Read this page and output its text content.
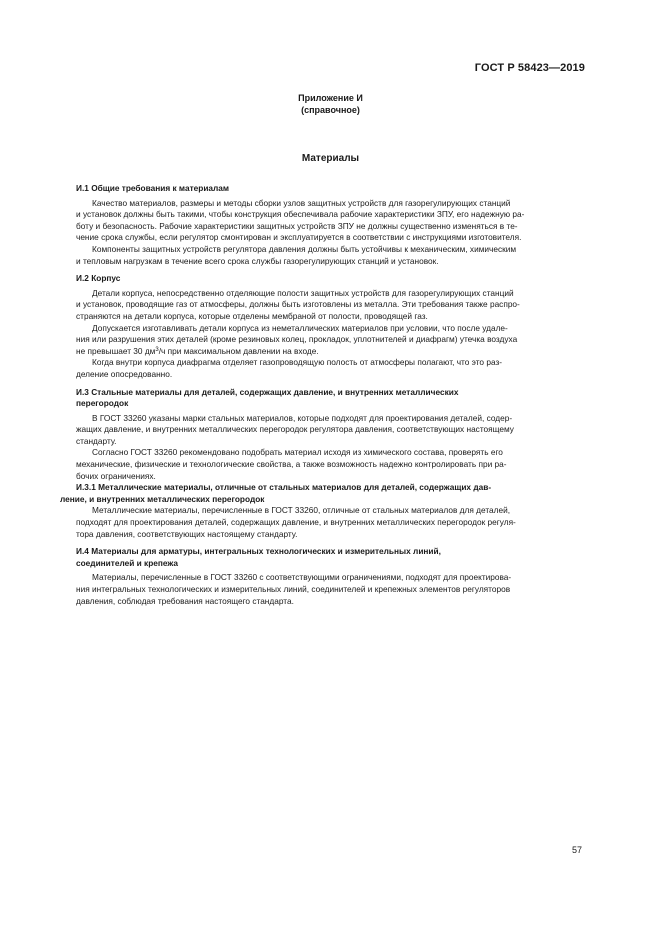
ГОСТ Р 58423—2019
Приложение И
(справочное)
Материалы
И.1 Общие требования к материалам
Качество материалов, размеры и методы сборки узлов защитных устройств для газорегулирующих станций
и установок должны быть такими, чтобы конструкция обеспечивала рабочие характеристики ЗПУ, его надежную ра-
боту и безопасность. Рабочие характеристики защитных устройств ЗПУ не должны существенно изменяться в те-
чение срока службы, если регулятор смонтирован и эксплуатируется в соответствии с инструкциями изготовителя.
Компоненты защитных устройств регулятора давления должны быть устойчивы к механическим, химическим
и тепловым нагрузкам в течение всего срока службы газорегулирующих станций и установок.
И.2 Корпус
Детали корпуса, непосредственно отделяющие полости защитных устройств для газорегулирующих станций
и установок, проводящие газ от атмосферы, должны быть изготовлены из металла. Эти требования также распро-
страняются на детали корпуса, которые отделены мембраной от полости, проводящей газ.
Допускается изготавливать детали корпуса из неметаллических материалов при условии, что после удале-
ния или разрушения этих деталей (кроме резиновых колец, прокладок, уплотнителей и диафрагм) утечка воздуха
не превышает 30 $дм^3/ч$ при максимальном давлении на входе.
Когда внутри корпуса диафрагма отделяет газопроводящую полость от атмосферы полагают, что это раз-
деление опосредованно.
И.3 Стальные материалы для деталей, содержащих давление, и внутренних металлических
перегородок
В ГОСТ 33260 указаны марки стальных материалов, которые подходят для проектирования деталей, содер-
жащих давление, и внутренних металлических перегородок регулятора давления, соответствующих настоящему
стандарту.
Согласно ГОСТ 33260 рекомендовано подобрать материал исходя из химического состава, проверять его
механические, физические и технологические свойства, а также возможность надежно контролировать при ра-
бочих ограничениях.
И.3.1 Металлические материалы, отличные от стальных материалов для деталей, содержащих дав-
ление, и внутренних металлических перегородок
Металлические материалы, перечисленные в ГОСТ 33260, отличные от стальных материалов для деталей,
подходят для проектирования деталей, содержащих давление, и внутренних металлических перегородок регуля-
тора давления, соответствующих настоящему стандарту.
И.4 Материалы для арматуры, интегральных технологических и измерительных линий,
соединителей и крепежа
Материалы, перечисленные в ГОСТ 33260 с соответствующими ограничениями, подходят для проектирова-
ния интегральных технологических и измерительных линий, соединителей и крепежных элементов регуляторов
давления, соблюдая требования настоящего стандарта.
57
